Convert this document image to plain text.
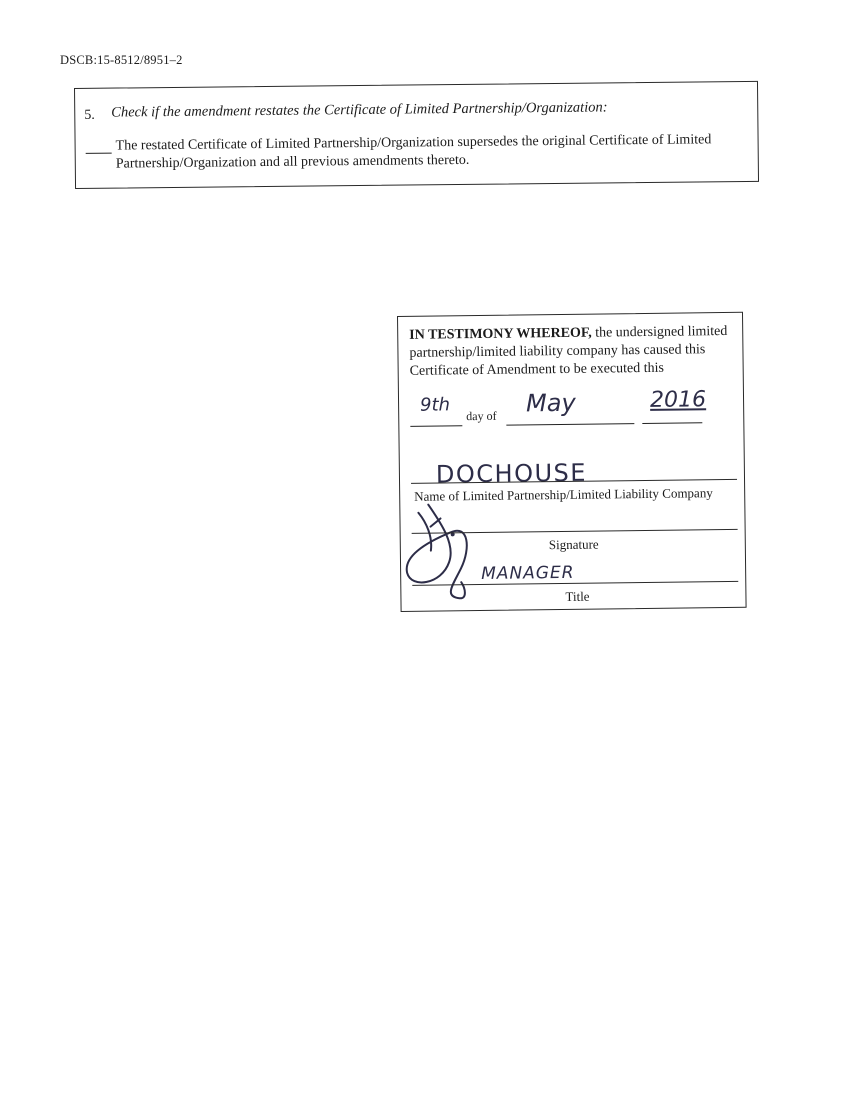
DSCB:15-8512/8951–2
5. Check if the amendment restates the Certificate of Limited Partnership/Organization:
The restated Certificate of Limited Partnership/Organization supersedes the original Certificate of Limited Partnership/Organization and all previous amendments thereto.
IN TESTIMONY WHEREOF, the undersigned limited partnership/limited liability company has caused this Certificate of Amendment to be executed this
9th
day of May	2016
DOCHOUSE
Name of Limited Partnership/Limited Liability Company
Signature
MANAGER
Title
